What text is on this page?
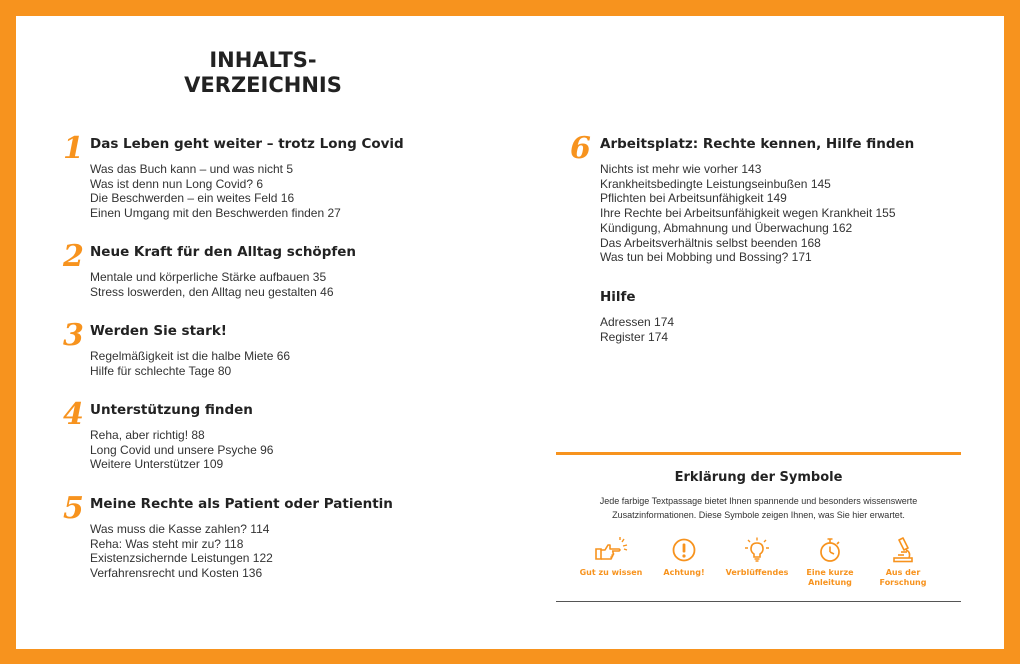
INHALTS-
VERZEICHNIS
1 Das Leben geht weiter – trotz Long Covid
Was das Buch kann – und was nicht 5
Was ist denn nun Long Covid? 6
Die Beschwerden – ein weites Feld 16
Einen Umgang mit den Beschwerden finden 27
2 Neue Kraft für den Alltag schöpfen
Mentale und körperliche Stärke aufbauen 35
Stress loswerden, den Alltag neu gestalten 46
3 Werden Sie stark!
Regelmäßigkeit ist die halbe Miete 66
Hilfe für schlechte Tage 80
4 Unterstützung finden
Reha, aber richtig! 88
Long Covid und unsere Psyche 96
Weitere Unterstützer 109
5 Meine Rechte als Patient oder Patientin
Was muss die Kasse zahlen? 114
Reha: Was steht mir zu? 118
Existenzsichernde Leistungen 122
Verfahrensrecht und Kosten 136
6 Arbeitsplatz: Rechte kennen, Hilfe finden
Nichts ist mehr wie vorher 143
Krankheitsbedingte Leistungseinbußen 145
Pflichten bei Arbeitsunfähigkeit 149
Ihre Rechte bei Arbeitsunfähigkeit wegen Krankheit 155
Kündigung, Abmahnung und Überwachung 162
Das Arbeitsverhältnis selbst beenden 168
Was tun bei Mobbing und Bossing? 171
Hilfe
Adressen 174
Register 174
Erklärung der Symbole
Jede farbige Textpassage bietet Ihnen spannende und besonders wissenswerte
Zusatzinformationen. Diese Symbole zeigen Ihnen, was Sie hier erwartet.
Gut zu wissen	Achtung!	Verblüffendes	Eine kurze
Anleitung
Aus der
Forschung
